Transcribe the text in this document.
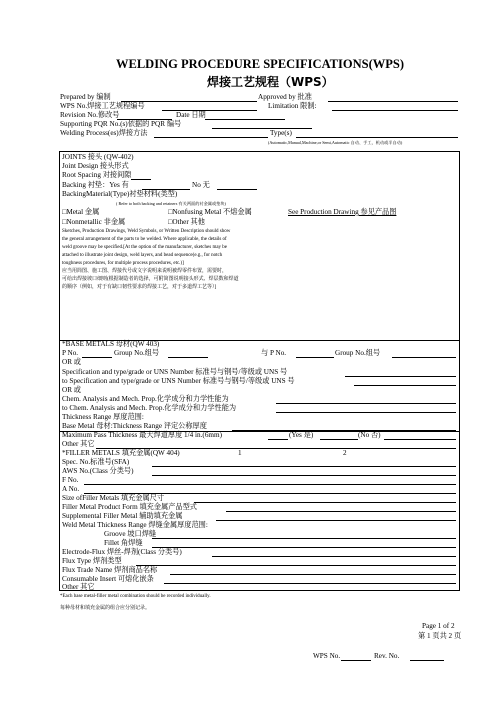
WELDING PROCEDURE SPECIFICATIONS(WPS)
焊接工艺规程（WPS）
Prepared by 编制	Approved by 批准
WPS No.焊接工艺规程编号	Limitation 限制:
Revision No.修改号	Date 日期
Supporting PQR No.(s)依据的 PQR 编号
Welding Process(es)焊接方法	Type(s)
(Automatic,Manual,Machine,or Semi,Automatic 自动、手工，机动或半自动)
JOINTS 接头 (QW-402)
Joint Design 接头形式
Root Spacing 对接间隙
Backing 衬垫：Yes 有	No 无
BackingMaterial(Type)衬垫材料(类型)
( Refer to both backing and retainers 有关两面的衬金属或垫块)
□Metal 金属	□Nonfusing Metal 不熔金属	See Production Drawing 参见产品图
□Nonmetallic 非金属	□Other 其他
Sketches, Production Drawings, Weld Symbols, or Written Description should show
the general arrangement of the parts to be welded. Where applicable, the details of
weld groove may be specified.[At the option of the manufacturer, sketches may be
attached to illustrate joint design, weld layers, and bead sequence(e.g., for notch
toughness procedures, for multiple process procedures, etc.)]
应当用简图、施工图、焊接代号或文字说明来说明被焊零件布置，需要时，
可给出焊接坡口细则(根据制造者的选择，可附简图说明接头形式、焊层数和焊道
的顺序（例如，对于有缺口韧性要求的焊接工艺，对于多道焊工艺等）]
*BASE METALS 母材(QW 403)
P No.	Group No.组号	与 P No.	Group No.组号
OR 或
Specification and type/grade or UNS Number 标准号与钢号/等级或 UNS 号
to Specification and type/grade or UNS Number 标准号与钢号/等级或 UNS 号
OR 或
Chem. Analysis and Mech. Prop.化学成分和力学性能为
to Chem. Analysis and Mech. Prop.化学成分和力学性能为
Thickness Range 厚度范围:
Base Metal 母材:Thickness Range 评定公称厚度
Maximum Pass Thickness 最大焊道厚度 1/4 in.(6mm)	(Yes 是)	(No 否)
Other 其它
*FILLER METALS 填充金属(QW 404)	1	2
Spec. No.标准号(SFA)
AWS No.(Class 分类号)
F No.
A No.
Size ofFiller Metals 填充金属尺寸
Filler Metal Product Form 填充金属产品型式
Supplemental Filler Metal 辅助填充金属
Weld Metal Thickness Range 焊缝金属厚度范围:
Groove 坡口焊缝
Fillet 角焊缝
Electrode-Flux 焊丝-焊剂(Class 分类号)
Flux Type 焊剂类型
Flux Trade Name 焊剂商品名称
Consumable Insert 可熔化嵌条
Other 其它
*Each base metal-filler metal combination should be recorded individually.
每种母材和填充金属的组合应分别记录。
Page 1 of 2
第 1 页共 2 页
WPS No.	Rev. No.
